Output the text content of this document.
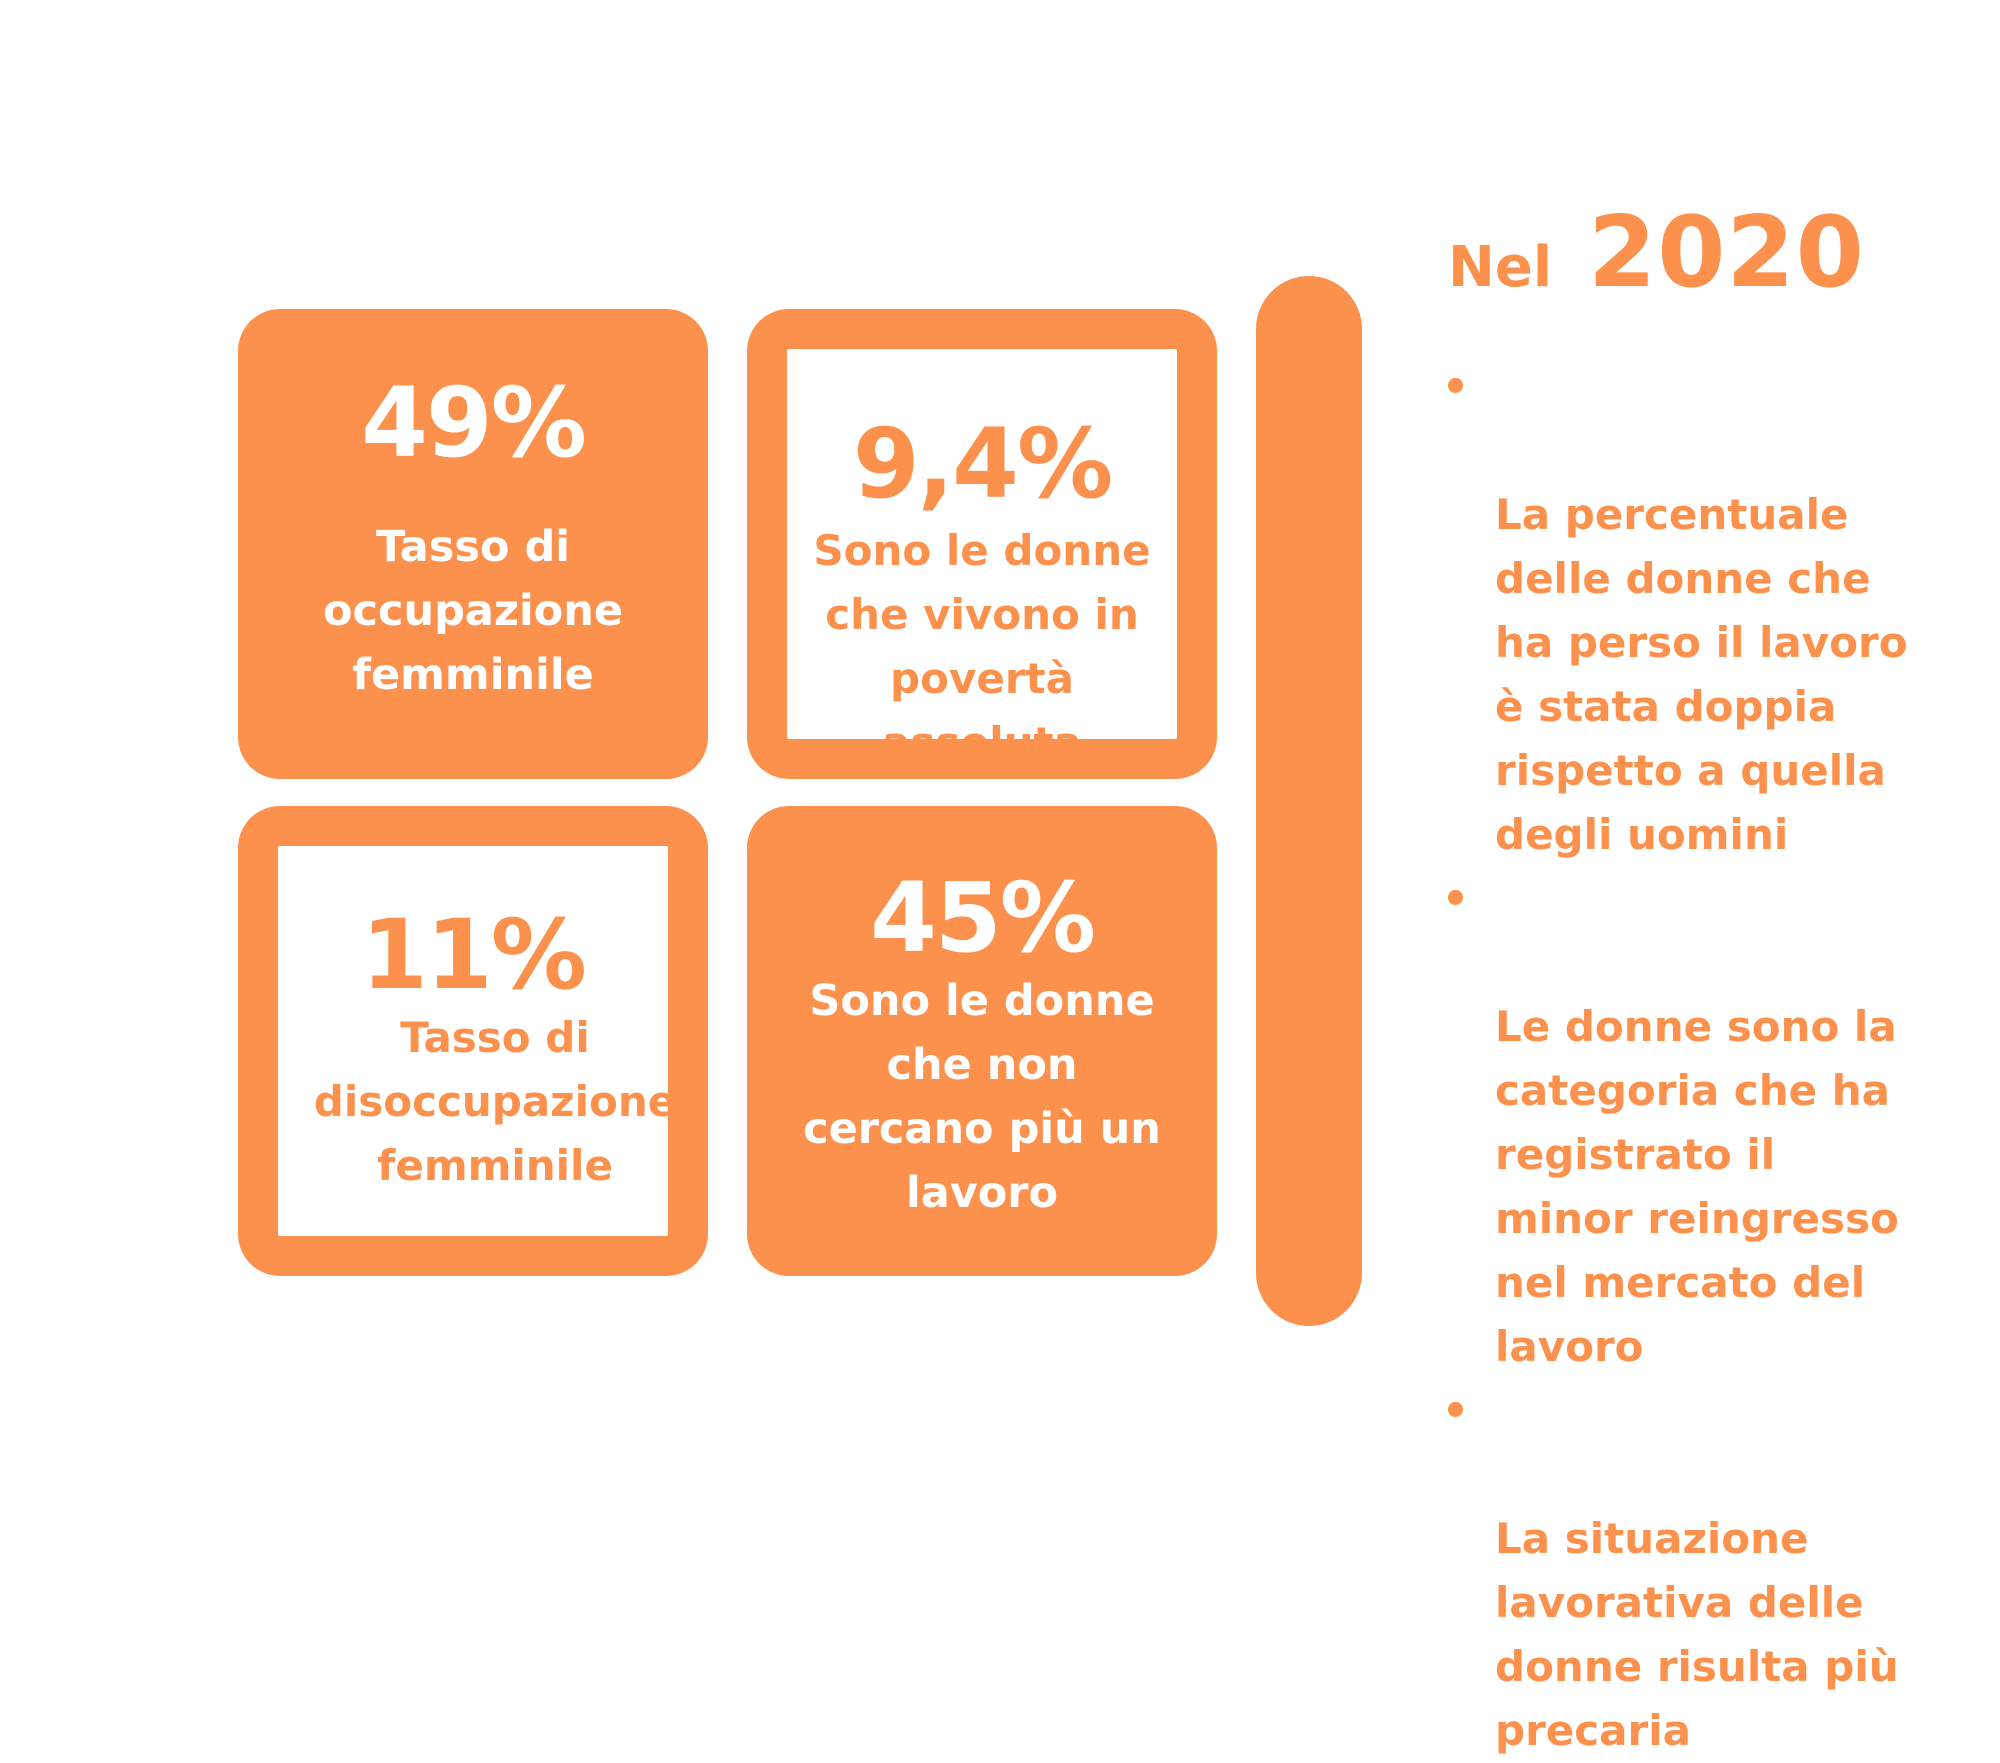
49%
Tasso di
occupazione
femminile
9,4%
Sono le donne
che vivono in
povertà
assoluta
11%
Tasso di
disoccupazione
femminile
45%
Sono le donne
che non
cercano più un
lavoro
Nel 2020

La percentuale
delle donne che
ha perso il lavoro
è stata doppia
rispetto a quella
degli uomini

Le donne sono la
categoria che ha
registrato il
minor reingresso
nel mercato del
lavoro

La situazione
lavorativa delle
donne risulta più
precaria
